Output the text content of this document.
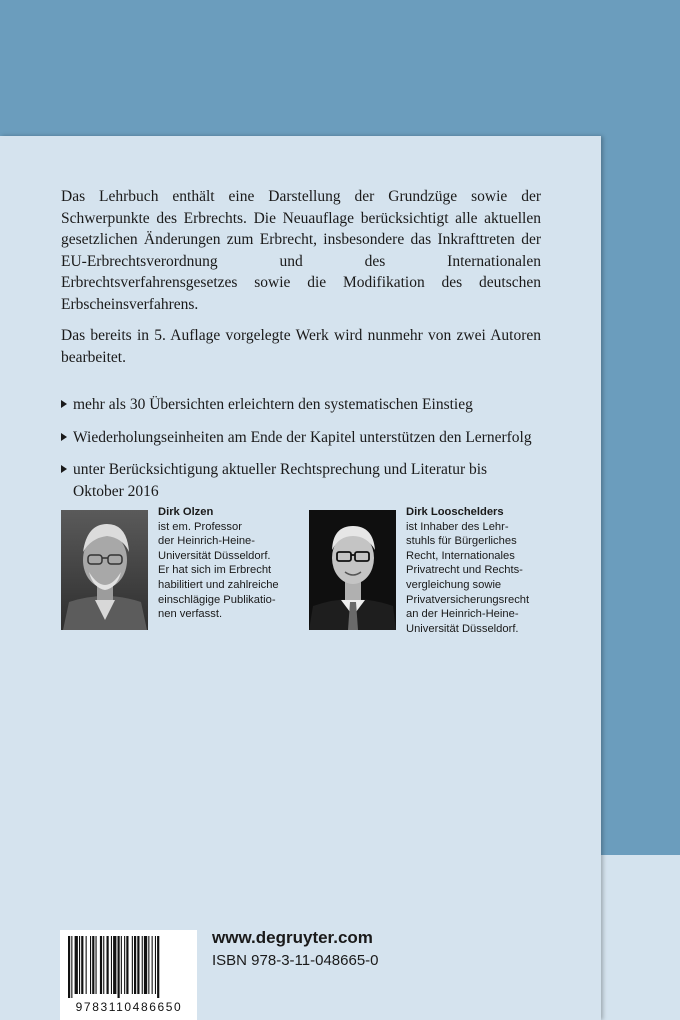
Das Lehrbuch enthält eine Darstellung der Grundzüge sowie der Schwerpunkte des Erbrechts. Die Neuauflage berücksichtigt alle aktuellen gesetzlichen Änderungen zum Erbrecht, insbesondere das Inkrafttreten der EU-Erbrechtsverordnung und des Internationalen Erbrechtsverfahrensgesetzes sowie die Modifikation des deutschen Erbscheinsverfahrens.

Das bereits in 5. Auflage vorgelegte Werk wird nunmehr von zwei Autoren bearbeitet.

mehr als 30 Übersichten erleichtern den systematischen Einstieg
Wiederholungseinheiten am Ende der Kapitel unterstützen den Lernerfolg
unter Berücksichtigung aktueller Rechtsprechung und Literatur bis Oktober 2016
Dirk Olzen
ist em. Professor
der Heinrich-Heine-
Universität Düsseldorf.
Er hat sich im Erbrecht
habilitiert und zahlreiche
einschlägige Publikatio-
nen verfasst.
Dirk Looschelders
ist Inhaber des Lehr-
stuhls für Bürgerliches
Recht, Internationales
Privatrecht und Rechts-
vergleichung sowie
Privatversicherungsrecht
an der Heinrich-Heine-
Universität Düsseldorf.
9783110486650
www.degruyter.com
ISBN 978-3-11-048665-0
